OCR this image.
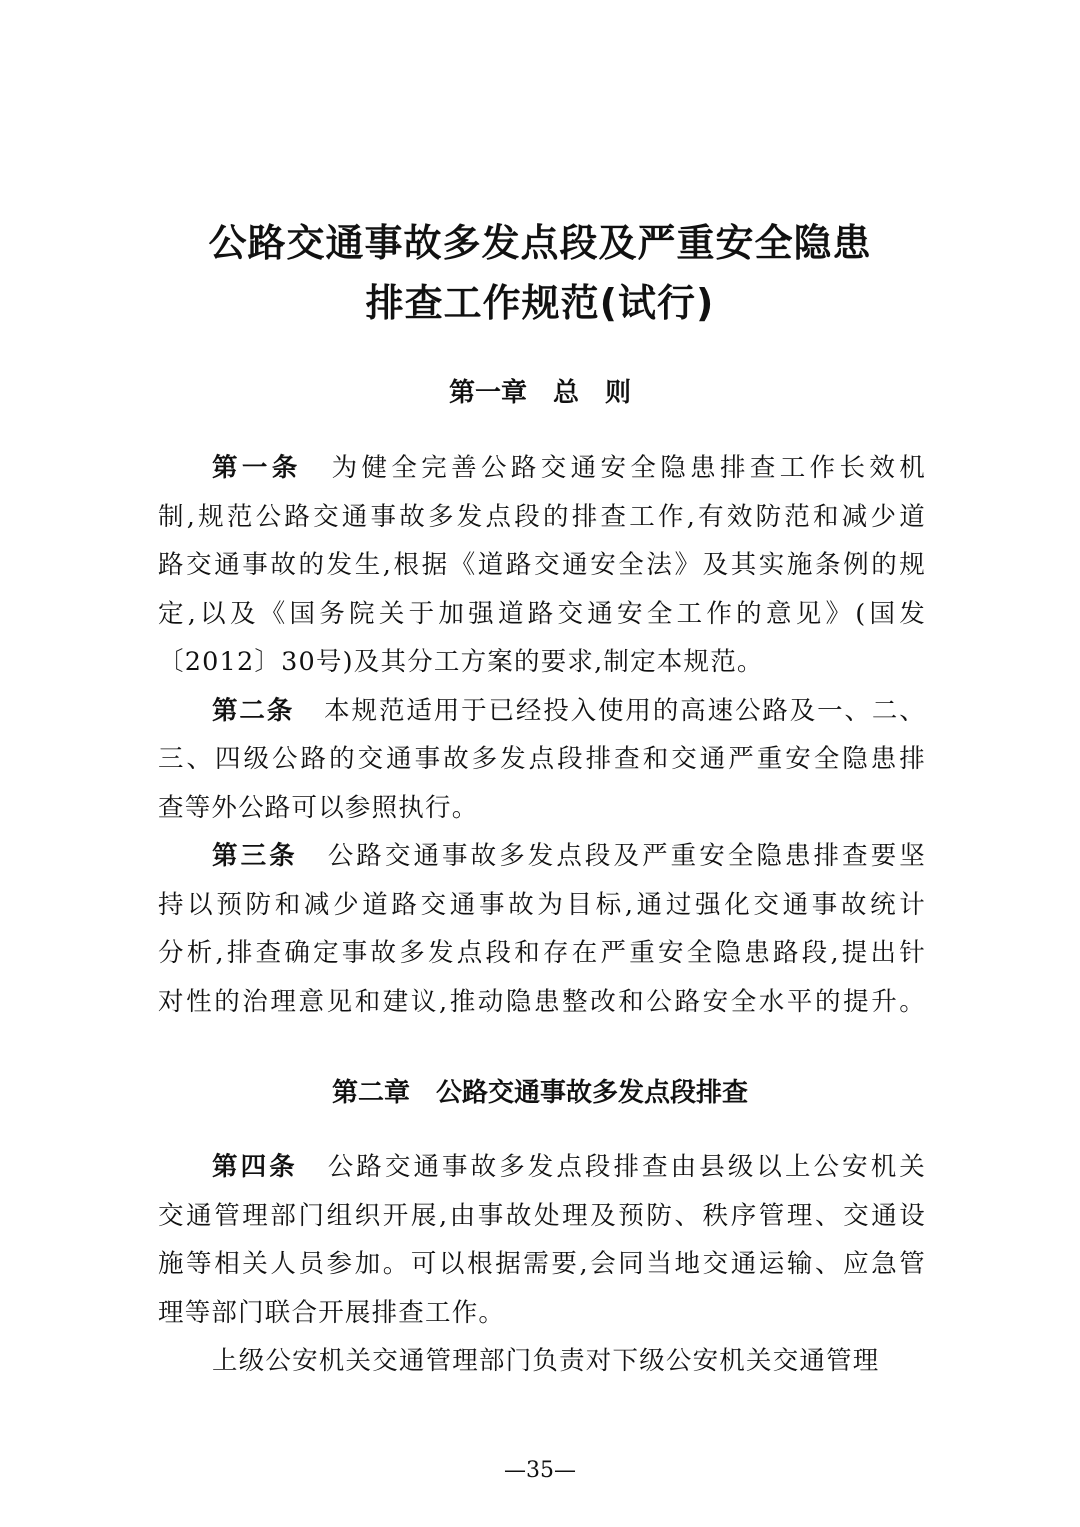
公路交通事故多发点段及严重安全隐患
排查工作规范(试行)
第一章　总　则
第一条 为健全完善公路交通安全隐患排查工作长效机
制,规范公路交通事故多发点段的排查工作,有效防范和减少道
路交通事故的发生,根据《道路交通安全法》及其实施条例的规
定,以及《国务院关于加强道路交通安全工作的意见》(国发
〔2012〕30号)及其分工方案的要求,制定本规范。
第二条 本规范适用于已经投入使用的高速公路及一、二、
三、四级公路的交通事故多发点段排查和交通严重安全隐患排
查等外公路可以参照执行。
第三条 公路交通事故多发点段及严重安全隐患排查要坚
持以预防和减少道路交通事故为目标,通过强化交通事故统计
分析,排查确定事故多发点段和存在严重安全隐患路段,提出针
对性的治理意见和建议,推动隐患整改和公路安全水平的提升。
第二章　公路交通事故多发点段排查
第四条 公路交通事故多发点段排查由县级以上公安机关
交通管理部门组织开展,由事故处理及预防、秩序管理、交通设
施等相关人员参加。可以根据需要,会同当地交通运输、应急管
理等部门联合开展排查工作。
上级公安机关交通管理部门负责对下级公安机关交通管理

—35—
